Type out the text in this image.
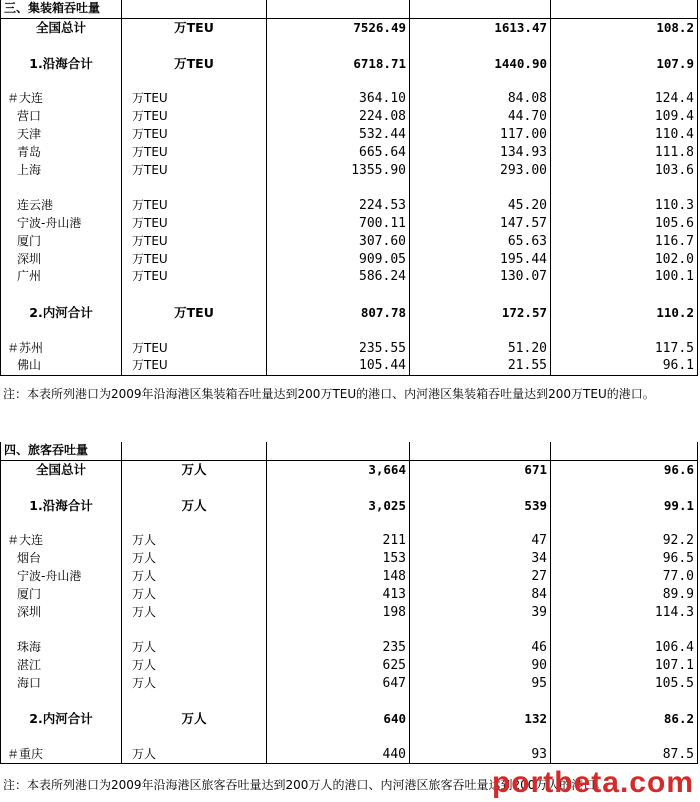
三、集装箱吞吐量				
全国总计	万TEU	7526.49	1613.47	108.2

1.沿海合计	万TEU	6718.71	1440.90	107.9

＃大连	万TEU	364.10	84.08	124.4
营口	万TEU	224.08	44.70	109.4
天津	万TEU	532.44	117.00	110.4
青岛	万TEU	665.64	134.93	111.8
上海	万TEU	1355.90	293.00	103.6

连云港	万TEU	224.53	45.20	110.3
宁波-舟山港	万TEU	700.11	147.57	105.6
厦门	万TEU	307.60	65.63	116.7
深圳	万TEU	909.05	195.44	102.0
广州	万TEU	586.24	130.07	100.1

2.内河合计	万TEU	807.78	172.57	110.2

＃苏州	万TEU	235.55	51.20	117.5
佛山	万TEU	105.44	21.55	96.1
注：本表所列港口为2009年沿海港区集装箱吞吐量达到200万TEU的港口、内河港区集装箱吞吐量达到200万TEU的港口。
四、旅客吞吐量				
全国总计	万人	3,664	671	96.6

1.沿海合计	万人	3,025	539	99.1

＃大连	万人	211	47	92.2
烟台	万人	153	34	96.5
宁波-舟山港	万人	148	27	77.0
厦门	万人	413	84	89.9
深圳	万人	198	39	114.3

珠海	万人	235	46	106.4
湛江	万人	625	90	107.1
海口	万人	647	95	105.5

2.内河合计	万人	640	132	86.2

＃重庆	万人	440	93	87.5
注：本表所列港口为2009年沿海港区旅客吞吐量达到200万人的港口、内河港区旅客吞吐量达到200万人的港口。
portbeta.com
